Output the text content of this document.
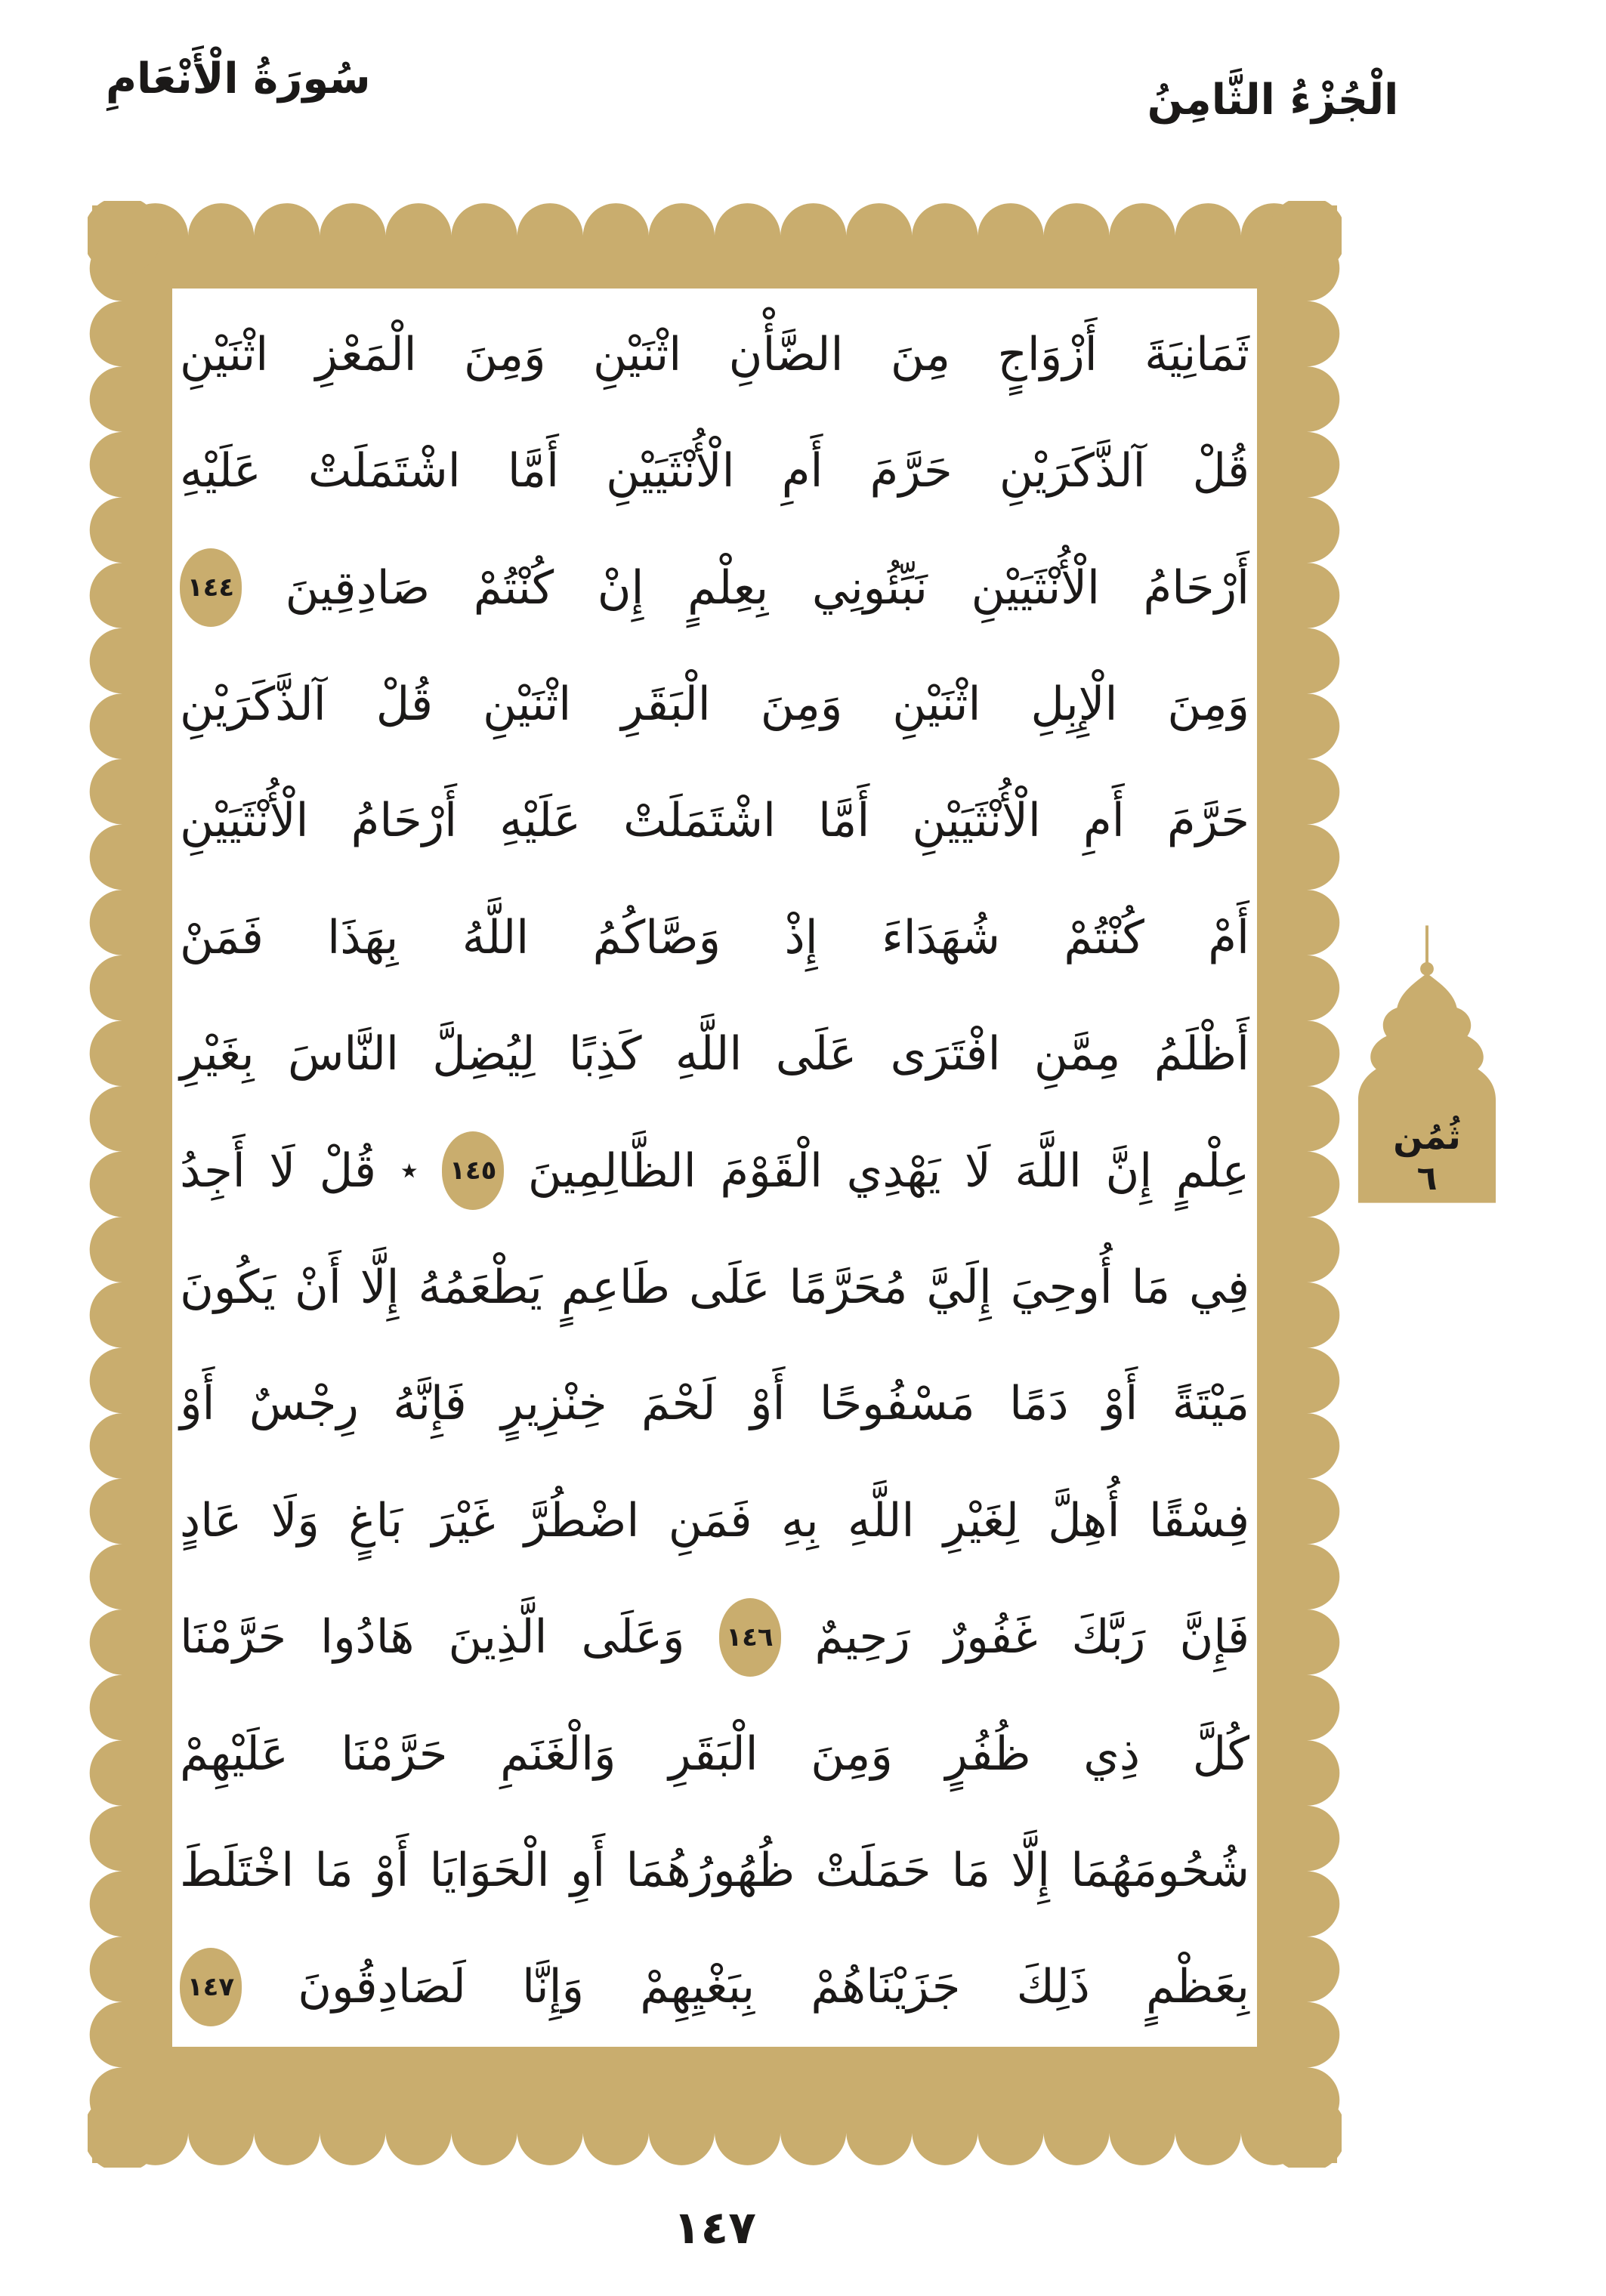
سُورَةُ الْأَنْعَامِ	الْجُزْءُ الثَّامِنُ
ثَمَانِيَةَ
أَزْوَاجٍ
مِنَ
الضَّأْنِ
اثْنَيْنِ
وَمِنَ
الْمَعْزِ
اثْنَيْنِ
قُلْ
آلذَّكَرَيْنِ
حَرَّمَ
أَمِ
الْأُنْثَيَيْنِ
أَمَّا
اشْتَمَلَتْ
عَلَيْهِ
أَرْحَامُ
الْأُنْثَيَيْنِ
نَبِّئُونِي
بِعِلْمٍ
إِنْ
كُنْتُمْ
صَادِقِينَ
١٤٤
وَمِنَ
الْإِبِلِ
اثْنَيْنِ
وَمِنَ
الْبَقَرِ
اثْنَيْنِ
قُلْ
آلذَّكَرَيْنِ
حَرَّمَ
أَمِ
الْأُنْثَيَيْنِ
أَمَّا
اشْتَمَلَتْ
عَلَيْهِ
أَرْحَامُ
الْأُنْثَيَيْنِ
أَمْ
كُنْتُمْ
شُهَدَاءَ
إِذْ
وَصَّاكُمُ
اللَّهُ
بِهَذَا
فَمَنْ
أَظْلَمُ
مِمَّنِ
افْتَرَى
عَلَى
اللَّهِ
كَذِبًا
لِيُضِلَّ
النَّاسَ
بِغَيْرِ
عِلْمٍ
إِنَّ
اللَّهَ
لَا
يَهْدِي
الْقَوْمَ
الظَّالِمِينَ
١٤٥
٭
قُلْ
لَا
أَجِدُ
فِي
مَا
أُوحِيَ
إِلَيَّ
مُحَرَّمًا
عَلَى
طَاعِمٍ
يَطْعَمُهُ
إِلَّا
أَنْ
يَكُونَ
مَيْتَةً
أَوْ
دَمًا
مَسْفُوحًا
أَوْ
لَحْمَ
خِنْزِيرٍ
فَإِنَّهُ
رِجْسٌ
أَوْ
فِسْقًا
أُهِلَّ
لِغَيْرِ
اللَّهِ
بِهِ
فَمَنِ
اضْطُرَّ
غَيْرَ
بَاغٍ
وَلَا
عَادٍ
فَإِنَّ
رَبَّكَ
غَفُورٌ
رَحِيمٌ
١٤٦
وَعَلَى
الَّذِينَ
هَادُوا
حَرَّمْنَا
كُلَّ
ذِي
ظُفُرٍ
وَمِنَ
الْبَقَرِ
وَالْغَنَمِ
حَرَّمْنَا
عَلَيْهِمْ
شُحُومَهُمَا
إِلَّا
مَا
حَمَلَتْ
ظُهُورُهُمَا
أَوِ
الْحَوَايَا
أَوْ
مَا
اخْتَلَطَ
بِعَظْمٍ
ذَلِكَ
جَزَيْنَاهُمْ
بِبَغْيِهِمْ
وَإِنَّا
لَصَادِقُونَ
١٤٧
ثُمُن
٦
١٤٧
